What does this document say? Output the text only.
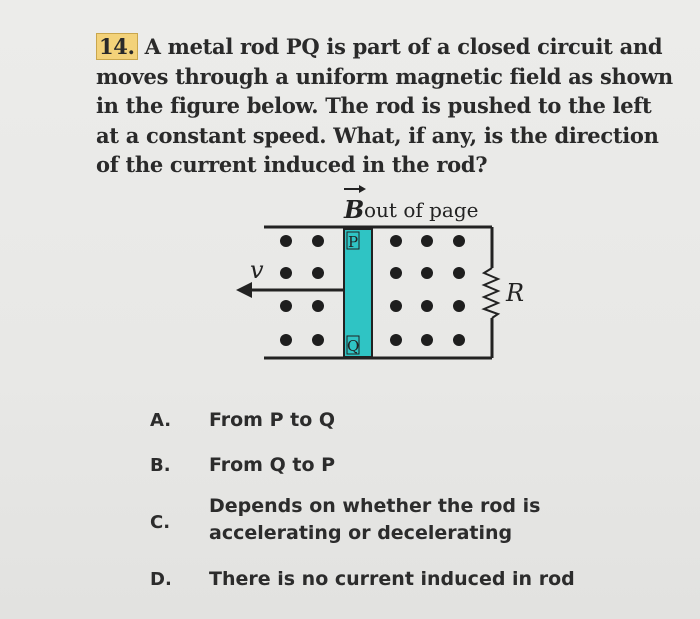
14. A metal rod PQ is part of a closed circuit and moves through a uniform magnetic field as shown in the figure below. The rod is pushed to the left at a constant speed. What, if any, is the direction of the current induced in the rod?
B out of page
R
P
Q
v
A. From P to Q
B. From Q to P
C.
Depends on whether the rod is accelerating or decelerating
D. There is no current induced in rod
